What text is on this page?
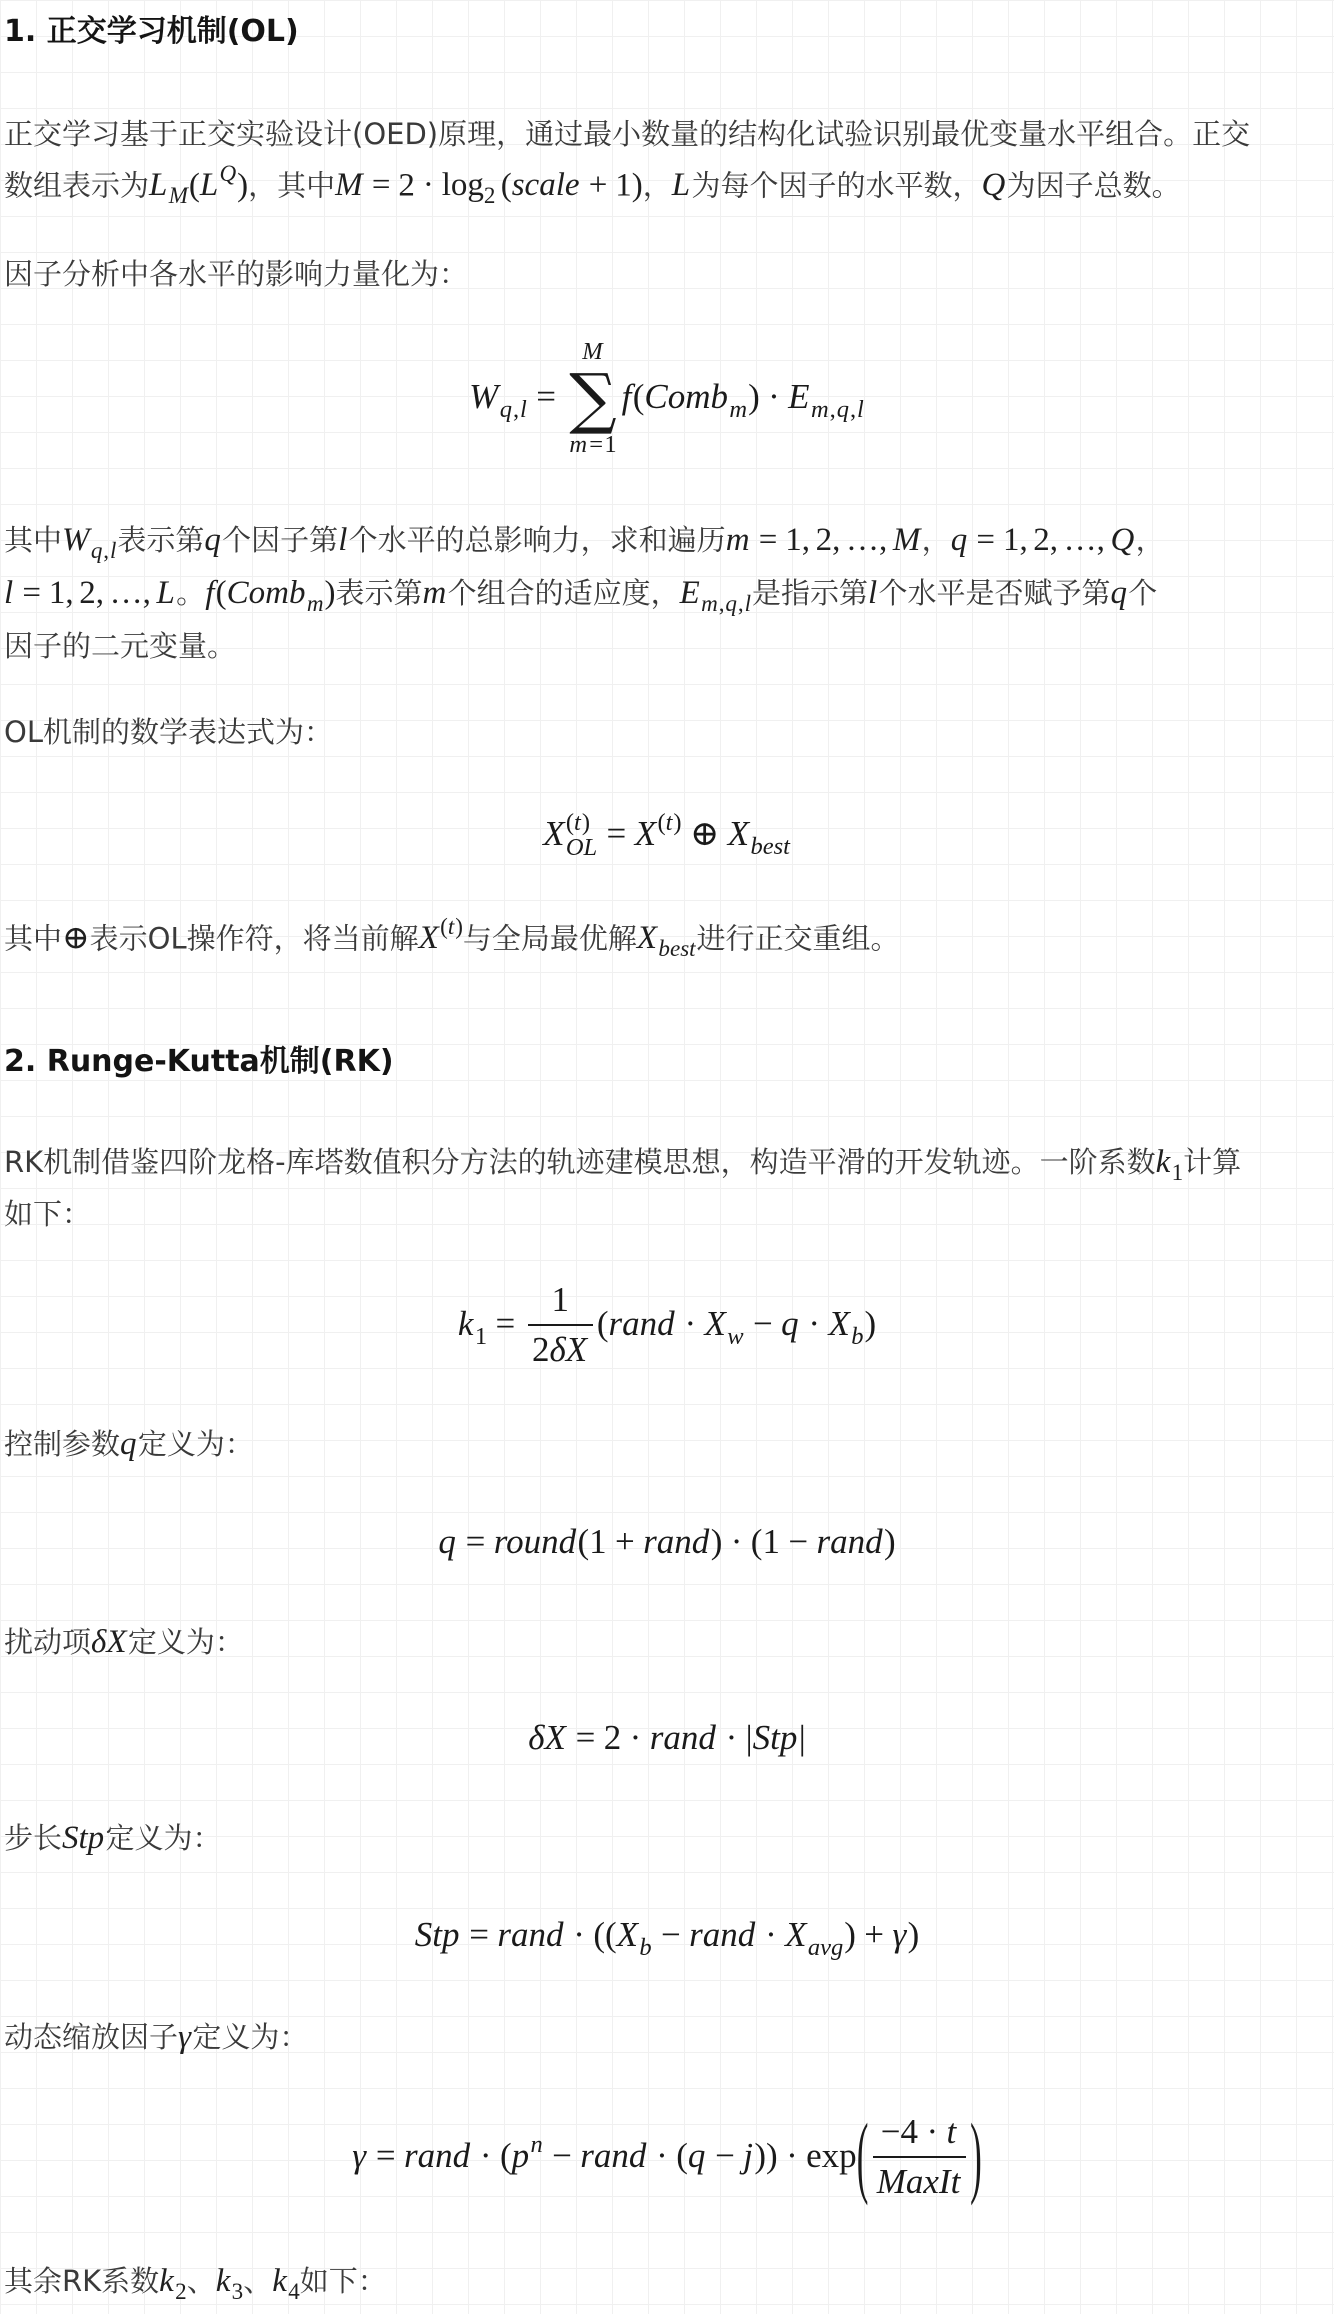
1. 正交学习机制(OL)
正交学习基于正交实验设计(OED)原理，通过最小数量的结构化试验识别最优变量水平组合。正交
数组表示为LM(LQ)，其中M = 2 · log2 (scale + 1)，L为每个因子的水平数，Q为因子总数。
因子分析中各水平的影响力量化为：
Wq,l =
M
∑
m=1
f(Combm) · Em,q,l
其中Wq,l表示第q个因子第l个水平的总影响力，求和遍历m = 1, 2, …, M，q = 1, 2, …, Q，
l = 1, 2, …, L。f(Combm)表示第m个组合的适应度，Em,q,l是指示第l个水平是否赋予第q个
因子的二元变量。
OL机制的数学表达式为：
X (t)
OL = X(t) ⊕ Xbest
其中⊕表示OL操作符，将当前解X(t)与全局最优解Xbest进行正交重组。
2. Runge-Kutta机制(RK)
RK机制借鉴四阶龙格-库塔数值积分方法的轨迹建模思想，构造平滑的开发轨迹。一阶系数k1计算
如下：
$k1 = \frac{1}{2\delta X}$ (rand · Xw − q · Xb)
控制参数q定义为：
q = round(1 + rand) · (1 − rand)
扰动项δX定义为：
δX = 2 · rand · |Stp|
步长Stp定义为：
Stp = rand · ((Xb − rand · Xavg) + γ)
动态缩放因子γ定义为：
γ = rand · (pn − rand · (q − j)) · exp ( $\frac{-4 \cdot t}{\text{MaxIt}}$ )
其余RK系数k2、k3、k4如下：
